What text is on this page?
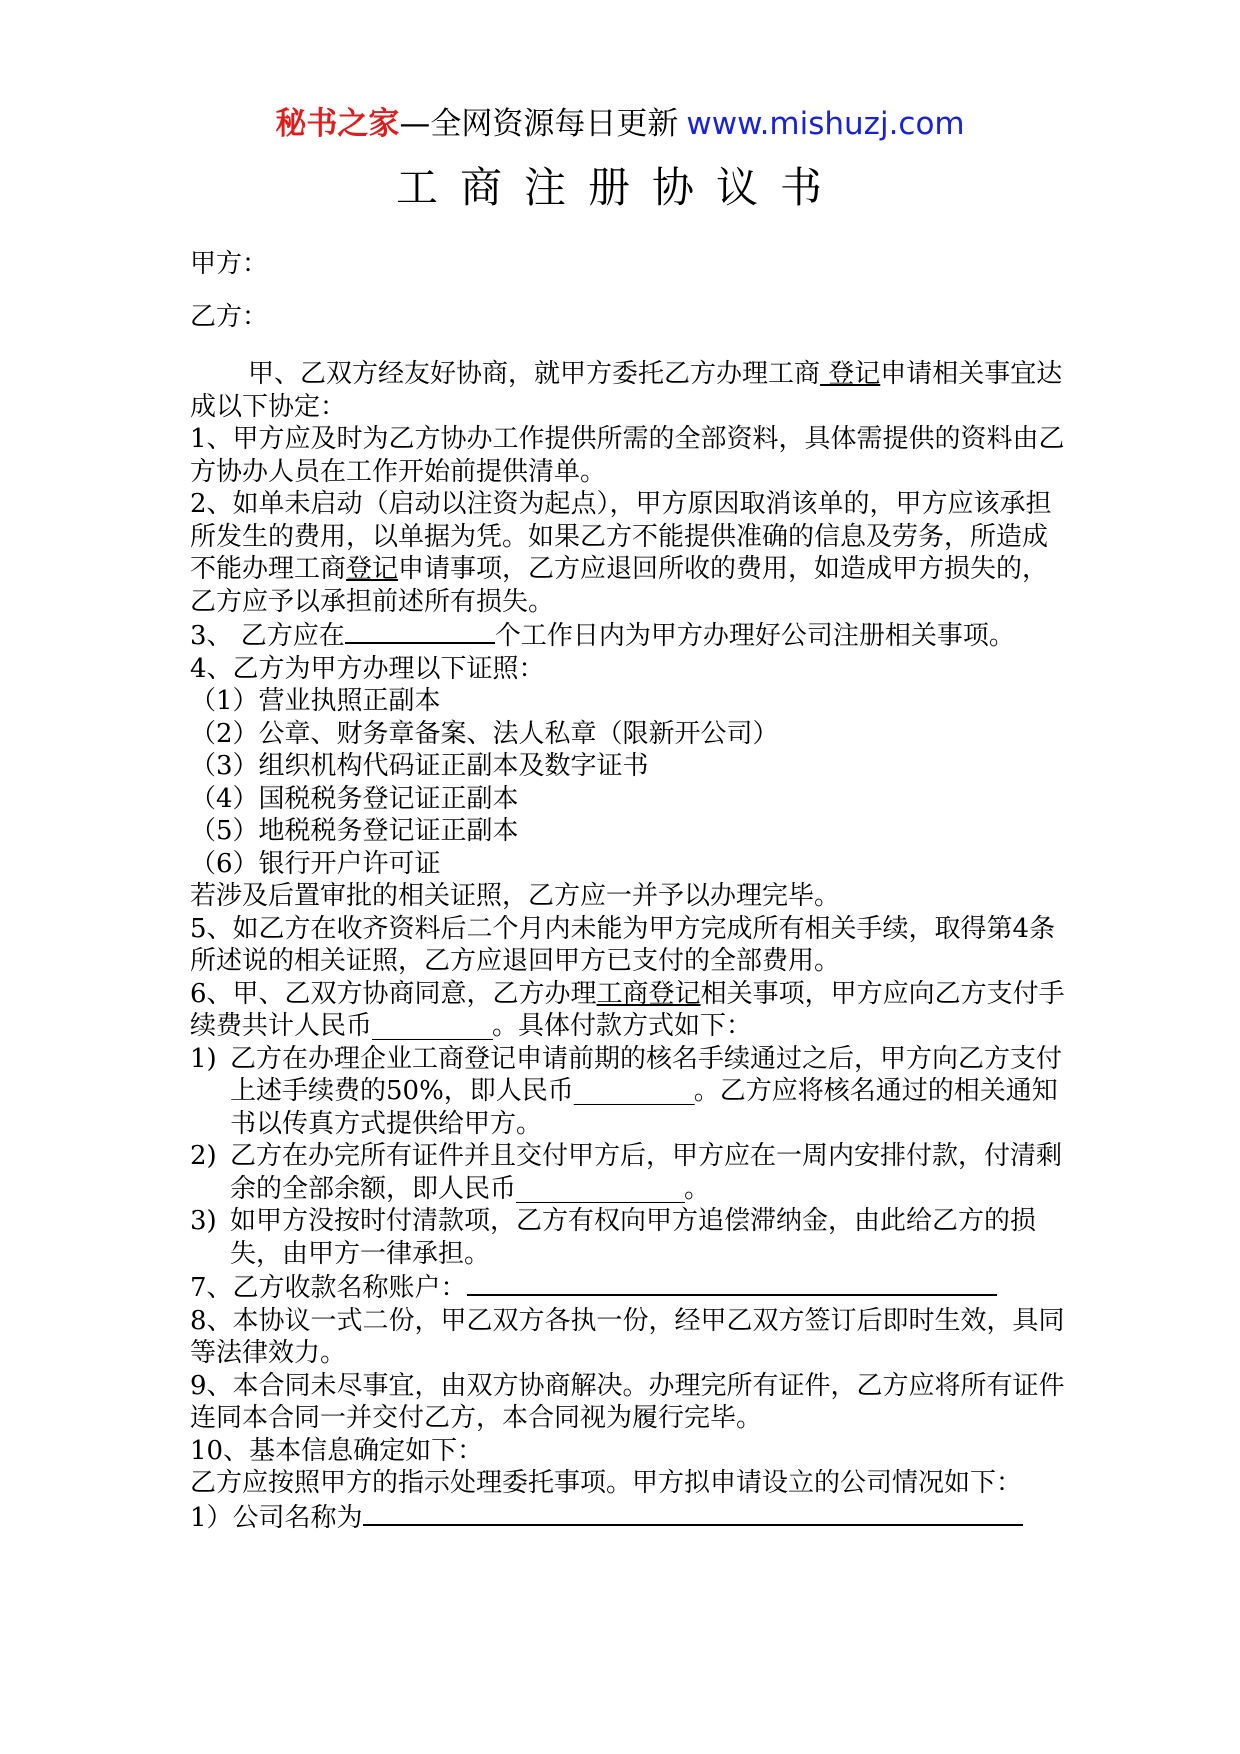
秘书之家—全网资源每日更新 www.mishuzj.com
工商注册协议书

甲方：

乙方：

甲、乙双方经友好协商，就甲方委托乙方办理工商 登记申请相关事宜达成以下协定：

1、甲方应及时为乙方协办工作提供所需的全部资料，具体需提供的资料由乙方协办人员在工作开始前提供清单。

2、如单未启动（启动以注资为起点），甲方原因取消该单的，甲方应该承担所发生的费用，以单据为凭。如果乙方不能提供准确的信息及劳务，所造成不能办理工商登记申请事项，乙方应退回所收的费用，如造成甲方损失的，乙方应予以承担前述所有损失。

3、 乙方应在	个工作日内为甲方办理好公司注册相关事项。

4、乙方为甲方办理以下证照：

（1）营业执照正副本

（2）公章、财务章备案、法人私章（限新开公司）

（3）组织机构代码证正副本及数字证书

（4）国税税务登记证正副本

（5）地税税务登记证正副本

（6）银行开户许可证

若涉及后置审批的相关证照，乙方应一并予以办理完毕。

5、如乙方在收齐资料后二个月内未能为甲方完成所有相关手续，取得第4条所述说的相关证照，乙方应退回甲方已支付的全部费用。

6、甲、乙双方协商同意，乙方办理工商登记相关事项，甲方应向乙方支付手续费共计人民币__________。具体付款方式如下：

1) 乙方在办理企业工商登记申请前期的核名手续通过之后，甲方向乙方支付上述手续费的50%，即人民币__________。乙方应将核名通过的相关通知书以传真方式提供给甲方。
2) 乙方在办完所有证件并且交付甲方后，甲方应在一周内安排付款，付清剩余的全部余额，即人民币______________。
3) 如甲方没按时付清款项，乙方有权向甲方追偿滞纳金，由此给乙方的损失，由甲方一律承担。

7、乙方收款名称账户：

8、本协议一式二份，甲乙双方各执一份，经甲乙双方签订后即时生效，具同等法律效力。

9、本合同未尽事宜，由双方协商解决。办理完所有证件，乙方应将所有证件连同本合同一并交付乙方，本合同视为履行完毕。

10、基本信息确定如下：

乙方应按照甲方的指示处理委托事项。甲方拟申请设立的公司情况如下：

1）公司名称为
